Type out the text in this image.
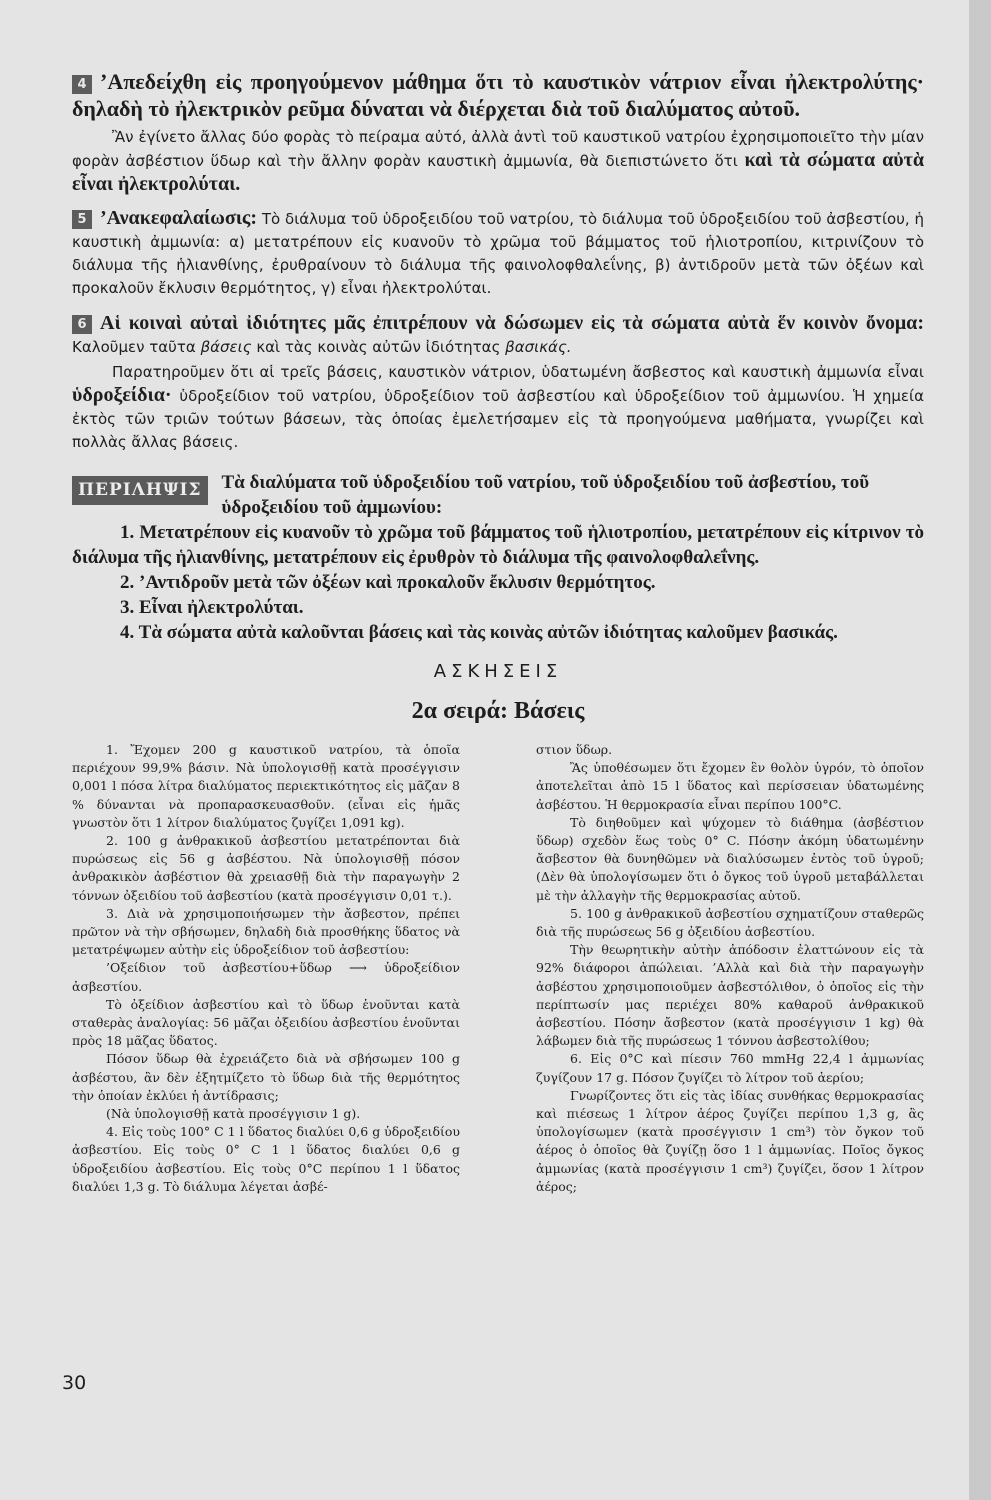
4 ’Απεδείχθη εἰς προηγούμενον μάθημα ὅτι τὸ καυστικὸν νάτριον εἶναι ἠλεκτρολύτης· δηλαδὴ τὸ ἠλεκτρικὸν ρεῦμα δύναται νὰ διέρχεται διὰ τοῦ διαλύματος αὐτοῦ.

Ἂν ἐγίνετο ἄλλας δύο φορὰς τὸ πείραμα αὐτό, ἀλλὰ ἀντὶ τοῦ καυστικοῦ νατρίου ἐχρησιμοποιεῖτο τὴν μίαν φορὰν ἀσβέστιον ὕδωρ καὶ τὴν ἄλλην φορὰν καυστικὴ ἀμμωνία, θὰ διεπιστώνετο ὅτι καὶ τὰ σώματα αὐτὰ εἶναι ἠλεκτρολύται.

5 ’Ανακεφαλαίωσις: Τὸ διάλυμα τοῦ ὑδροξειδίου τοῦ νατρίου, τὸ διάλυμα τοῦ ὑδροξειδίου τοῦ ἀσβεστίου, ἡ καυστικὴ ἀμμωνία: α) μετατρέπουν εἰς κυανοῦν τὸ χρῶμα τοῦ βάμματος τοῦ ἡλιοτροπίου, κιτρινίζουν τὸ διάλυμα τῆς ἡλιανθίνης, ἐρυθραίνουν τὸ διάλυμα τῆς φαινολοφθαλεΐνης, β) ἀντιδροῦν μετὰ τῶν ὀξέων καὶ προκαλοῦν ἔκλυσιν θερμότητος, γ) εἶναι ἠλεκτρολύται.

6 Αἱ κοιναὶ αὐταὶ ἰδιότητες μᾶς ἐπιτρέπουν νὰ δώσωμεν εἰς τὰ σώματα αὐτὰ ἕν κοινὸν ὄνομα: Καλοῦμεν ταῦτα βάσεις καὶ τὰς κοινὰς αὐτῶν ἰδιότητας βασικάς.

Παρατηροῦμεν ὅτι αἱ τρεῖς βάσεις, καυστικὸν νάτριον, ὑδατωμένη ἄσβεστος καὶ καυστικὴ ἀμμωνία εἶναι ὑδροξείδια· ὑδροξείδιον τοῦ νατρίου, ὑδροξείδιον τοῦ ἀσβεστίου καὶ ὑδροξείδιον τοῦ ἀμμωνίου. Ἡ χημεία ἐκτὸς τῶν τριῶν τούτων βάσεων, τὰς ὁποίας ἐμελετήσαμεν εἰς τὰ προηγούμενα μαθήματα, γνωρίζει καὶ πολλὰς ἄλλας βάσεις.

ΠΕΡΙΛΗΨΙΣ	Τὰ διαλύματα τοῦ ὑδροξειδίου τοῦ νατρίου, τοῦ ὑδροξειδίου τοῦ ἀσβεστίου, τοῦ ὑδροξειδίου τοῦ ἀμμωνίου:
1. Μετατρέπουν εἰς κυανοῦν τὸ χρῶμα τοῦ βάμματος τοῦ ἡλιοτροπίου, μετατρέπουν εἰς κίτρινον τὸ διάλυμα τῆς ἡλιανθίνης, μετατρέπουν εἰς ἐρυθρὸν τὸ διάλυμα τῆς φαινολοφθαλεΐνης.
2. ’Αντιδροῦν μετὰ τῶν ὀξέων καὶ προκαλοῦν ἔκλυσιν θερμότητος.
3. Εἶναι ἠλεκτρολύται.
4. Τὰ σώματα αὐτὰ καλοῦνται βάσεις καὶ τὰς κοινὰς αὐτῶν ἰδιότητας καλοῦμεν βασικάς.
ΑΣΚΗΣΕΙΣ
2α σειρά: Βάσεις

1. Ἔχομεν 200 g καυστικοῦ νατρίου, τὰ ὁποῖα περιέχουν 99,9% βάσιν. Νὰ ὑπολογισθῇ κατὰ προσέγγισιν 0,001 l πόσα λίτρα διαλύματος περιεκτικότητος εἰς μᾶζαν 8 % δύνανται νὰ προπαρασκευασθοῦν. (εἶναι εἰς ἡμᾶς γνωστὸν ὅτι 1 λίτρον διαλύματος ζυγίζει 1,091 kg).

2. 100 g ἀνθρακικοῦ ἀσβεστίου μετατρέπονται διὰ πυρώσεως εἰς 56 g ἀσβέστου. Νὰ ὑπολογισθῇ πόσον ἀνθρακικὸν ἀσβέστιον θὰ χρειασθῇ διὰ τὴν παραγωγὴν 2 τόννων ὀξειδίου τοῦ ἀσβεστίου (κατὰ προσέγγισιν 0,01 τ.).

3. Διὰ νὰ χρησιμοποιήσωμεν τὴν ἄσβεστον, πρέπει πρῶτον νὰ τὴν σβήσωμεν, δηλαδὴ διὰ προσθήκης ὕδατος νὰ μετατρέψωμεν αὐτὴν εἰς ὑδροξείδιον τοῦ ἀσβεστίου:

’Οξείδιον τοῦ ἀσβεστίου+ὕδωρ ⟶ ὑδροξείδιον ἀσβεστίου.

Τὸ ὀξείδιον ἀσβεστίου καὶ τὸ ὕδωρ ἑνοῦνται κατὰ σταθερὰς ἀναλογίας: 56 μᾶζαι ὀξειδίου ἀσβεστίου ἑνοῦνται πρὸς 18 μᾶζας ὕδατος.

Πόσον ὕδωρ θὰ ἐχρειάζετο διὰ νὰ σβήσωμεν 100 g ἀσβέστου, ἂν δὲν ἐξητμίζετο τὸ ὕδωρ διὰ τῆς θερμότητος τὴν ὁποίαν ἐκλύει ἡ ἀντίδρασις;

(Νὰ ὑπολογισθῇ κατὰ προσέγγισιν 1 g).

4. Εἰς τοὺς 100° C 1 l ὕδατος διαλύει 0,6 g ὑδροξειδίου ἀσβεστίου. Εἰς τοὺς 0° C 1 l ὕδατος διαλύει 0,6 g ὑδροξειδίου ἀσβεστίου. Εἰς τοὺς 0°C περίπου 1 l ὕδατος διαλύει 1,3 g. Τὸ διάλυμα λέγεται ἀσβέ-

στιον ὕδωρ.

Ἂς ὑποθέσωμεν ὅτι ἔχομεν ἓν θολὸν ὑγρόν, τὸ ὁποῖον ἀποτελεῖται ἀπὸ 15 l ὕδατος καὶ περίσσειαν ὑδατωμένης ἀσβέστου. Ἡ θερμοκρασία εἶναι περίπου 100°C.

Τὸ διηθοῦμεν καὶ ψύχομεν τὸ διάθημα (ἀσβέστιον ὕδωρ) σχεδὸν ἕως τοὺς 0° C. Πόσην ἀκόμη ὑδατωμένην ἄσβεστον θὰ δυνηθῶμεν νὰ διαλύσωμεν ἐντὸς τοῦ ὑγροῦ; (Δὲν θὰ ὑπολογίσωμεν ὅτι ὁ ὄγκος τοῦ ὑγροῦ μεταβάλλεται μὲ τὴν ἀλλαγὴν τῆς θερμοκρασίας αὐτοῦ.

5. 100 g ἀνθρακικοῦ ἀσβεστίου σχηματίζουν σταθερῶς διὰ τῆς πυρώσεως 56 g ὀξειδίου ἀσβεστίου.

Τὴν θεωρητικὴν αὐτὴν ἀπόδοσιν ἐλαττώνουν εἰς τὰ 92% διάφοροι ἀπώλειαι. ’Αλλὰ καὶ διὰ τὴν παραγωγὴν ἀσβέστου χρησιμοποιοῦμεν ἀσβεστόλιθον, ὁ ὁποῖος εἰς τὴν περίπτωσίν μας περιέχει 80% καθαροῦ ἀνθρακικοῦ ἀσβεστίου. Πόσην ἄσβεστον (κατὰ προσέγγισιν 1 kg) θὰ λάβωμεν διὰ τῆς πυρώσεως 1 τόννου ἀσβεστολίθου;

6. Εἰς 0°C καὶ πίεσιν 760 mmHg 22,4 l ἀμμωνίας ζυγίζουν 17 g. Πόσον ζυγίζει τὸ λίτρον τοῦ ἀερίου;

Γνωρίζοντες ὅτι εἰς τὰς ἰδίας συνθήκας θερμοκρασίας καὶ πιέσεως 1 λίτρον ἀέρος ζυγίζει περίπου 1,3 g, ἂς ὑπολογίσωμεν (κατὰ προσέγγισιν 1 cm³) τὸν ὄγκον τοῦ ἀέρος ὁ ὁποῖος θὰ ζυγίζῃ ὅσο 1 l ἀμμωνίας. Ποῖος ὄγκος ἀμμωνίας (κατὰ προσέγγισιν 1 cm³) ζυγίζει, ὅσον 1 λίτρον ἀέρος;

30
